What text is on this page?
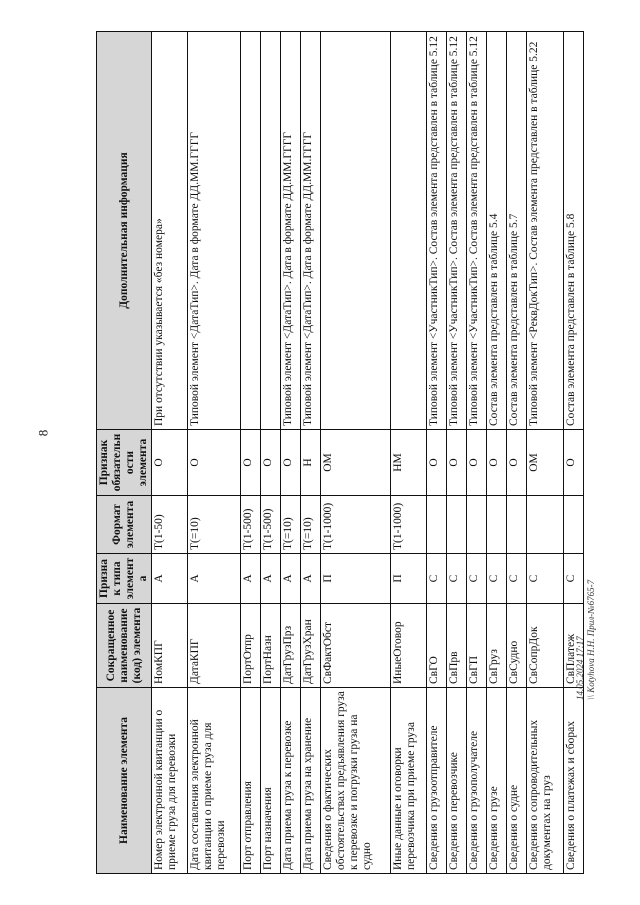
8
Наименование элемента	Сокращенное наименование (код) элемента	Признак типа элемента	Формат элемента	Признак обязательности элемента	Дополнительная информация
Номер электронной квитанции о приеме груза для перевозки	НомКПГ	А	T(1-50)	О	При отсутствии указывается «без номера»
Дата составления электронной квитанции о приеме груза для перевозки	ДатаКПГ	А	T(=10)	О	Типовой элемент <ДатаТип>. Дата в формате ДД.ММ.ГГГГ
Порт отправления	ПортОтпр	А	T(1-500)	О	
Порт назначения	ПортНазн	А	T(1-500)	О	
Дата приема груза к перевозке	ДатГрузПрз	А	T(=10)	О	Типовой элемент <ДатаТип>. Дата в формате ДД.ММ.ГГГГ
Дата приема груза на хранение	ДатГрузХран	А	T(=10)	Н	Типовой элемент <ДатаТип>. Дата в формате ДД.ММ.ГГГГ
Сведения о фактических обстоятельствах предъявления груза к перевозке и погрузки груза на судно	СвФактОбст	П	T(1-1000)	ОМ	
Иные данные и оговорки перевозчика при приеме груза	ИныеОговор	П	T(1-1000)	НМ	
Сведения о грузоотправителе	СвГО	С		О	Типовой элемент <УчастникТип>. Состав элемента представлен в таблице 5.12
Сведения о перевозчике	СвПрв	С		О	Типовой элемент <УчастникТип>. Состав элемента представлен в таблице 5.12
Сведения о грузополучателе	СвГП	С		О	Типовой элемент <УчастникТип>. Состав элемента представлен в таблице 5.12
Сведения о грузе	СвГруз	С		О	Состав элемента представлен в таблице 5.4
Сведения о судне	СвСудно	С		О	Состав элемента представлен в таблице 5.7
Сведения о сопроводительных документах на груз	СвСопрДок	С		ОМ	Типовой элемент <РеквДокТип>. Состав элемента представлен в таблице 5.22
Сведения о платежах и сборах	СвПлатеж	С		О	Состав элемента представлен в таблице 5.8
14.05.2024 17:17 \\ Kotyhova H.Н. Прил-№6765-7
